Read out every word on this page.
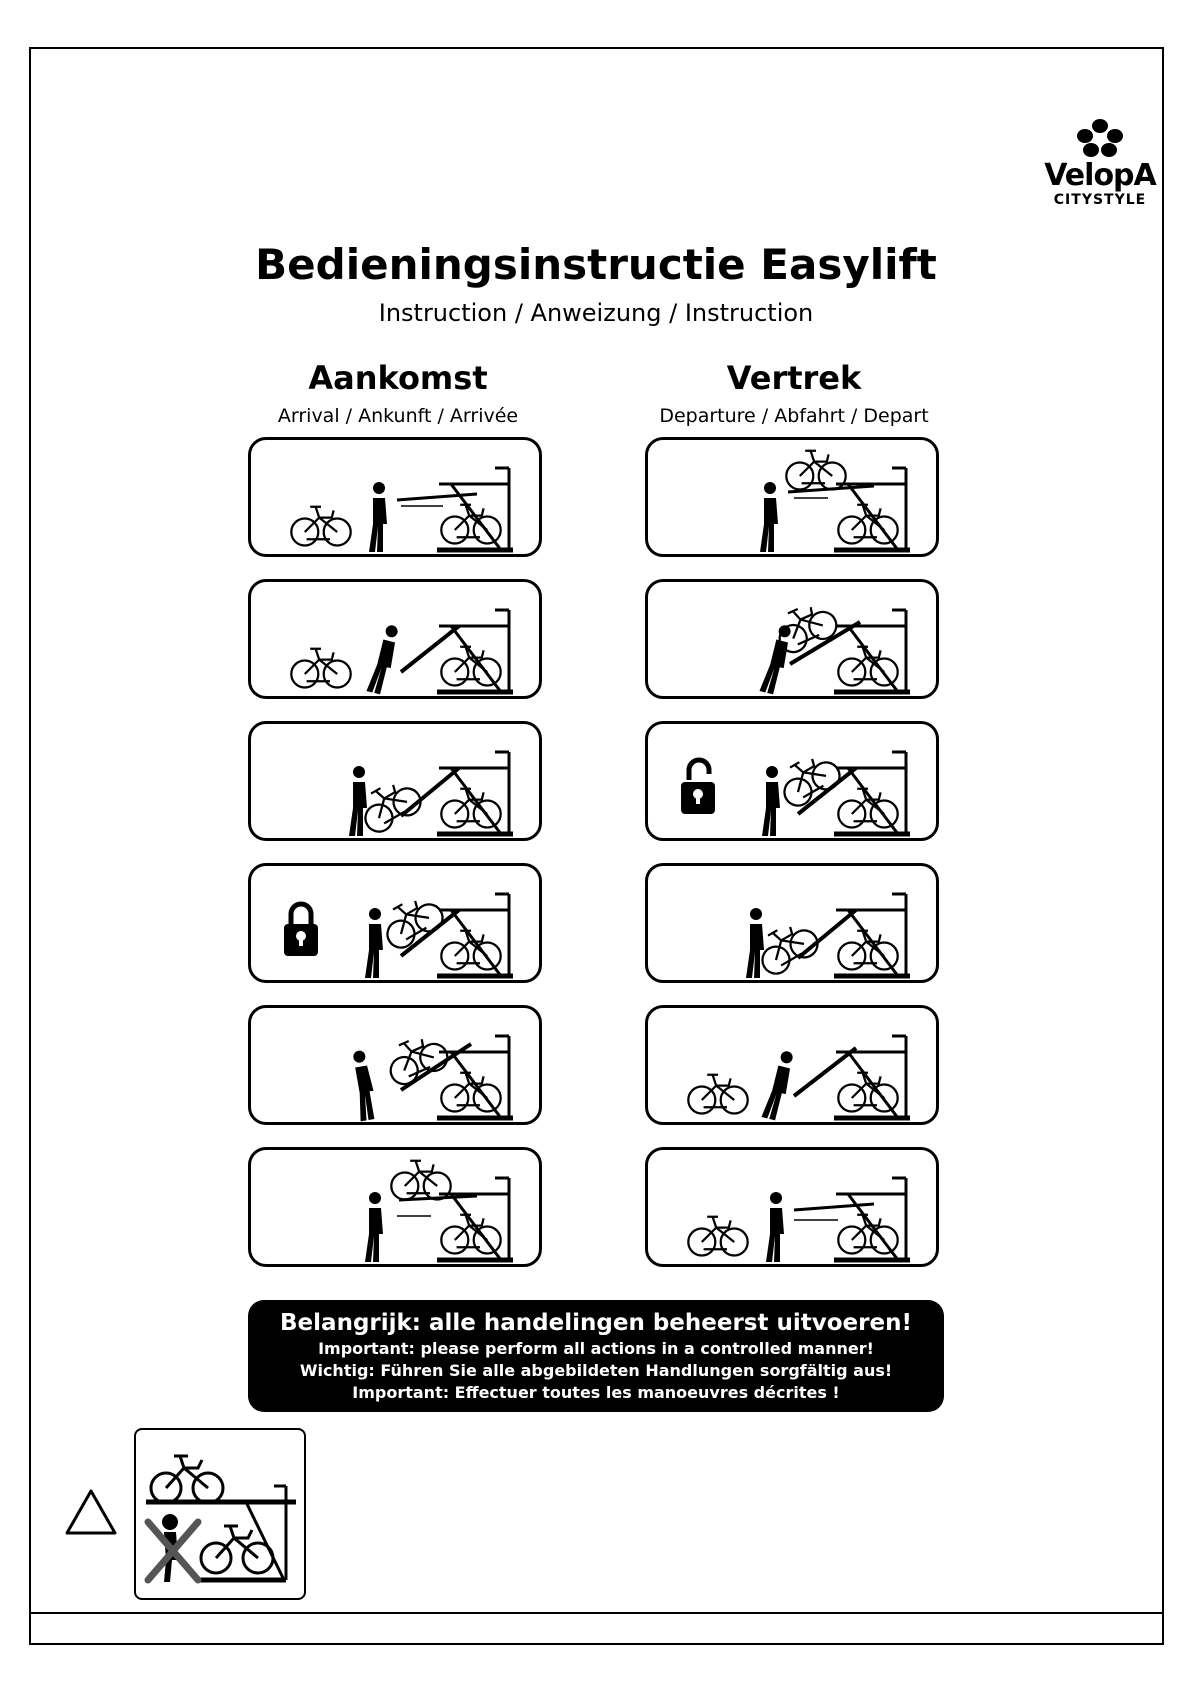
VelopA
CITYSTYLE
Bedieningsinstructie Easylift
Instruction / Anweizung / Instruction
Aankomst
Arrival / Ankunft / Arrivée
Vertrek
Departure / Abfahrt / Depart
Belangrijk: alle handelingen beheerst uitvoeren!
Important: please perform all actions in a controlled manner!
Wichtig: Führen Sie alle abgebildeten Handlungen sorgfältig aus!
Important: Effectuer toutes les manoeuvres décrites !
